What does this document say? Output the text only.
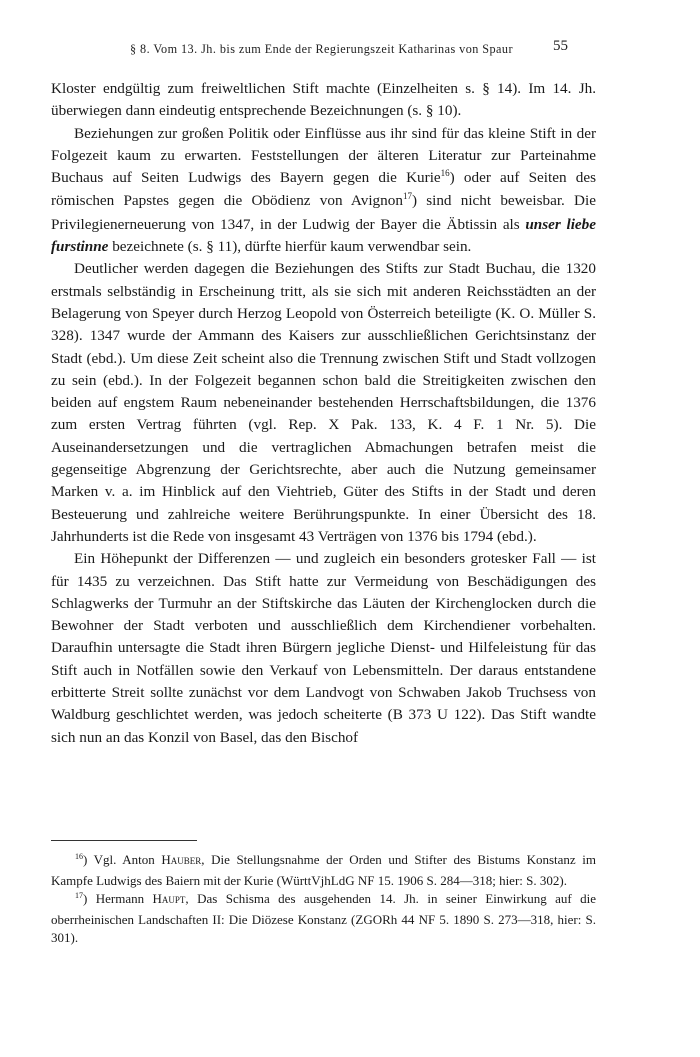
§ 8. Vom 13. Jh. bis zum Ende der Regierungszeit Katharinas von Spaur	55

Kloster endgültig zum freiweltlichen Stift machte (Einzelheiten s. § 14). Im 14. Jh. überwiegen dann eindeutig entsprechende Bezeichnungen (s. § 10).

Beziehungen zur großen Politik oder Einflüsse aus ihr sind für das kleine Stift in der Folgezeit kaum zu erwarten. Feststellungen der älteren Literatur zur Parteinahme Buchaus auf Seiten Ludwigs des Bayern gegen die Kurie$^{16}$) oder auf Seiten des römischen Papstes gegen die Obödienz von Avignon$^{17}$) sind nicht beweisbar. Die Privilegienerneuerung von 1347, in der Ludwig der Bayer die Äbtissin als unser liebe furstinne bezeichnete (s. § 11), dürfte hierfür kaum verwendbar sein.

Deutlicher werden dagegen die Beziehungen des Stifts zur Stadt Buchau, die 1320 erstmals selbständig in Erscheinung tritt, als sie sich mit anderen Reichsstädten an der Belagerung von Speyer durch Herzog Leopold von Österreich beteiligte (K. O. Müller S. 328). 1347 wurde der Ammann des Kaisers zur ausschließlichen Gerichtsinstanz der Stadt (ebd.). Um diese Zeit scheint also die Trennung zwischen Stift und Stadt vollzogen zu sein (ebd.). In der Folgezeit begannen schon bald die Streitigkeiten zwischen den beiden auf engstem Raum nebeneinander bestehenden Herrschaftsbildungen, die 1376 zum ersten Vertrag führten (vgl. Rep. X Pak. 133, K. 4 F. 1 Nr. 5). Die Auseinandersetzungen und die vertraglichen Abmachungen betrafen meist die gegenseitige Abgrenzung der Gerichtsrechte, aber auch die Nutzung gemeinsamer Marken v. a. im Hinblick auf den Viehtrieb, Güter des Stifts in der Stadt und deren Besteuerung und zahlreiche weitere Berührungspunkte. In einer Übersicht des 18. Jahrhunderts ist die Rede von insgesamt 43 Verträgen von 1376 bis 1794 (ebd.).

Ein Höhepunkt der Differenzen — und zugleich ein besonders grotesker Fall — ist für 1435 zu verzeichnen. Das Stift hatte zur Vermeidung von Beschädigungen des Schlagwerks der Turmuhr an der Stiftskirche das Läuten der Kirchenglocken durch die Bewohner der Stadt verboten und ausschließlich dem Kirchendiener vorbehalten. Daraufhin untersagte die Stadt ihren Bürgern jegliche Dienst- und Hilfeleistung für das Stift auch in Notfällen sowie den Verkauf von Lebensmitteln. Der daraus entstandene erbitterte Streit sollte zunächst vor dem Landvogt von Schwaben Jakob Truchsess von Waldburg geschlichtet werden, was jedoch scheiterte (B 373 U 122). Das Stift wandte sich nun an das Konzil von Basel, das den Bischof

$^{16}$) Vgl. Anton Hauber, Die Stellungsnahme der Orden und Stifter des Bistums Konstanz im Kampfe Ludwigs des Baiern mit der Kurie (WürttVjhLdG NF 15. 1906 S. 284—318; hier: S. 302).

$^{17}$) Hermann Haupt, Das Schisma des ausgehenden 14. Jh. in seiner Einwirkung auf die oberrheinischen Landschaften II: Die Diözese Konstanz (ZGORh 44 NF 5. 1890 S. 273—318, hier: S. 301).
